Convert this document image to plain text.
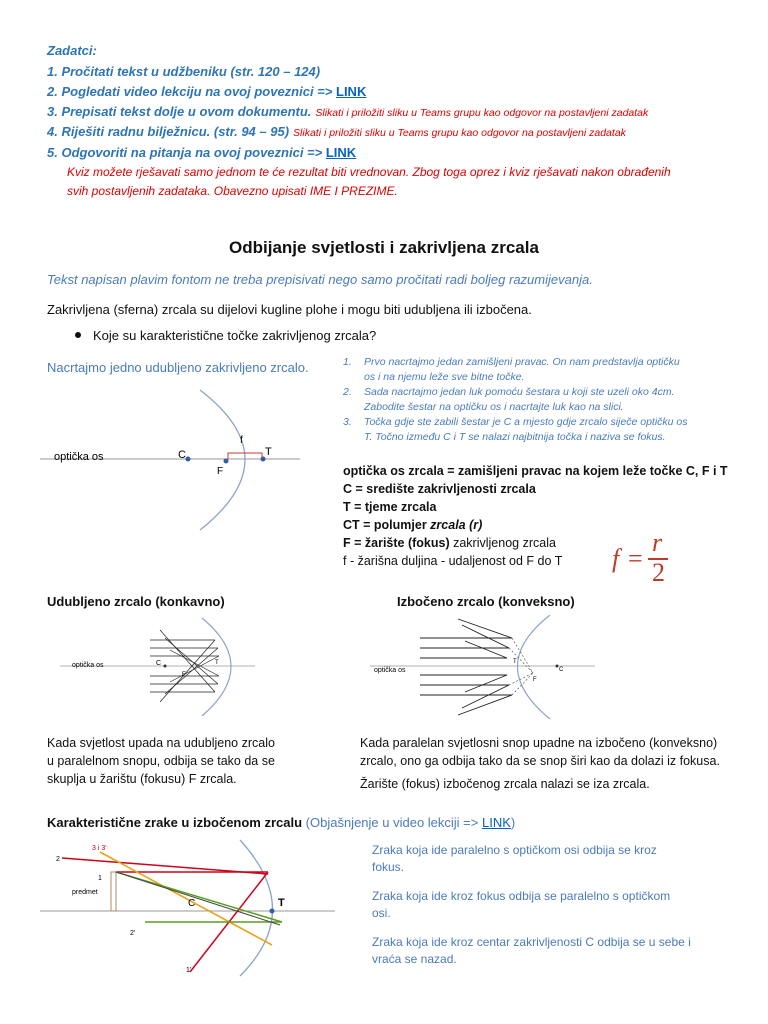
Zadatci:
1. Pročitati tekst u udžbeniku (str. 120 – 124)
2. Pogledati video lekciju na ovoj poveznici => LINK
3. Prepisati tekst dolje u ovom dokumentu. Slikati i priložiti sliku u Teams grupu kao odgovor na postavljeni zadatak
4. Riješiti radnu bilježnicu. (str. 94 – 95) Slikati i priložiti sliku u Teams grupu kao odgovor na postavljeni zadatak
5. Odgovoriti na pitanja na ovoj poveznici => LINK
Kviz možete rješavati samo jednom te će rezultat biti vrednovan. Zbog toga oprez i kviz rješavati nakon obrađenih
svih postavljenih zadataka. Obavezno upisati IME I PREZIME.
Odbijanje svjetlosti i zakrivljena zrcala
Tekst napisan plavim fontom ne treba prepisivati nego samo pročitati radi boljeg razumijevanja.
Zakrivljena (sferna) zrcala su dijelovi kugline plohe i mogu biti udubljena ili izbočena.
Koje su karakteristične točke zakrivljenog zrcala?
Nacrtajmo jedno udubljeno zakrivljeno zrcalo.	1. Prvo nacrtajmo jedan zamišljeni pravac. On nam predstavlja optičku
os i na njemu leže sve bitne točke.
2. Sada nacrtajmo jedan luk pomoću šestara u koji ste uzeli oko 4cm.
Zabodite šestar na optičku os i nacrtajte luk kao na slici.
3. Točka gdje ste zabili šestar je C a mjesto gdje zrcalo siječe optičku os
T. Točno između C i T se nalazi najbitnija točka i naziva se fokus.
optička os	C
F
T
f
optička os zrcala = zamišljeni pravac na kojem leže točke C, F i T
C = središte zakrivljenosti zrcala
T = tjeme zrcala
CT = polumjer zrcala (r)
F = žarište (fokus) zakrivljenog zrcala
f - žarišna duljina - udaljenost od F do T	f =
r
2
Udubljeno zrcalo (konkavno)	Izbočeno zrcalo (konveksno)
optička os	C
F
T
optička os	C
F
T
Kada svjetlost upada na udubljeno zrcalo
u paralelnom snopu, odbija se tako da se
skuplja u žarištu (fokusu) F zrcala.
Kada paralelan svjetlosni snop upadne na izbočeno (konveksno)
zrcalo, ono ga odbija tako da se snop širi kao da dolazi iz fokusa.
Žarište (fokus) izbočenog zrcala nalazi se iza zrcala.
Karakteristične zrake u izbočenom zrcalu (Objašnjenje u video lekciji => LINK)
3 i 3'
2
1
predmet
C	T
2'
1'
Zraka koja ide paralelno s optičkom osi odbija se kroz
fokus.
Zraka koja ide kroz fokus odbija se paralelno s optičkom
osi.
Zraka koja ide kroz centar zakrivljenosti C odbija se u sebe i
vraća se nazad.
